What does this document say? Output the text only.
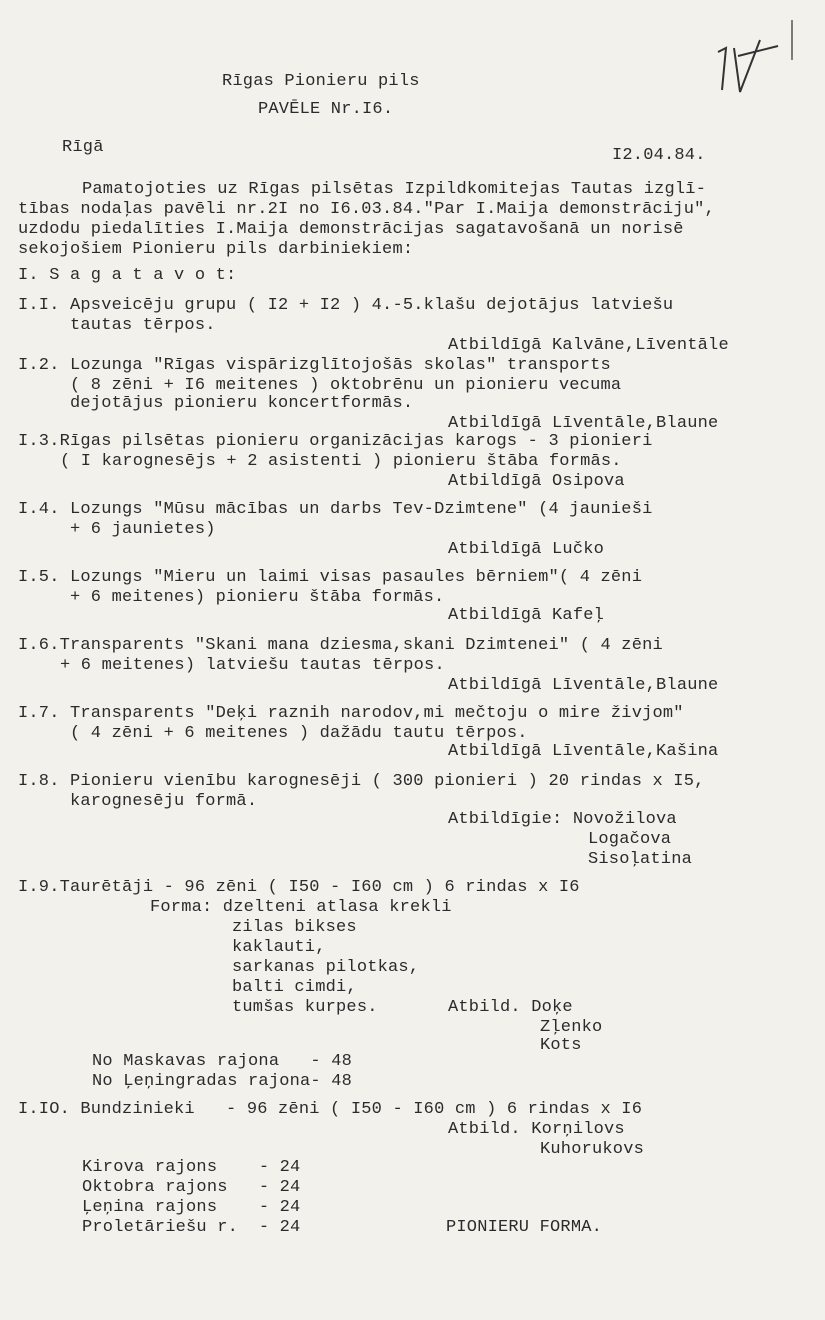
Rīgas Pionieru pils
PAVĒLE Nr.I6.
Rīgā	I2.04.84.
Pamatojoties uz Rīgas pilsētas Izpildkomitejas Tautas izglī-
tības nodaļas pavēli nr.2I no I6.03.84."Par I.Maija demonstrāciju",
uzdodu piedalīties I.Maija demonstrācijas sagatavošanā un norisē
sekojošiem Pionieru pils darbiniekiem:
I. S a g a t a v o t:
I.I. Apsveicēju grupu ( I2 + I2 ) 4.-5.klašu dejotājus latviešu
tautas tērpos.
Atbildīgā Kalvāne,Līventāle
I.2. Lozunga "Rīgas vispārizglītojošās skolas" transports
( 8 zēni + I6 meitenes ) oktobrēnu un pionieru vecuma
dejotājus pionieru koncertformās.
Atbildīgā Līventāle,Blaune
I.3.Rīgas pilsētas pionieru organizācijas karogs - 3 pionieri
( I karognesējs + 2 asistenti ) pionieru štāba formās.
Atbildīgā Osipova
I.4. Lozungs "Mūsu mācības un darbs Tev-Dzimtene" (4 jaunieši
+ 6 jaunietes)
Atbildīgā Lučko
I.5. Lozungs "Mieru un laimi visas pasaules bērniem"( 4 zēni
+ 6 meitenes) pionieru štāba formās.
Atbildīgā Kafeļ
I.6.Transparents "Skani mana dziesma,skani Dzimtenei" ( 4 zēni
+ 6 meitenes) latviešu tautas tērpos.
Atbildīgā Līventāle,Blaune
I.7. Transparents "Deķi raznih narodov,mi mečtoju o mire živjom"
( 4 zēni + 6 meitenes ) dažādu tautu tērpos.
Atbildīgā Līventāle,Kašina
I.8. Pionieru vienību karognesēji ( 300 pionieri ) 20 rindas x I5,
karognesēju formā.
Atbildīgie: Novožilova
Logačova
Sisoļatina
I.9.Taurētāji - 96 zēni ( I50 - I60 cm ) 6 rindas x I6
Forma: dzelteni atlasa krekli
zilas bikses
kaklauti,
sarkanas pilotkas,
balti cimdi,
tumšas kurpes.	Atbild. Doķe
Zļenko
Kots
No Maskavas rajona   - 48
No Ļeņingradas rajona- 48
I.IO. Bundzinieki   - 96 zēni ( I50 - I60 cm ) 6 rindas x I6
Atbild. Korņilovs
Kuhorukovs
Kirova rajons    - 24
Oktobra rajons   - 24
Ļeņina rajons    - 24
Proletāriešu r.  - 24	PIONIERU FORMA.
